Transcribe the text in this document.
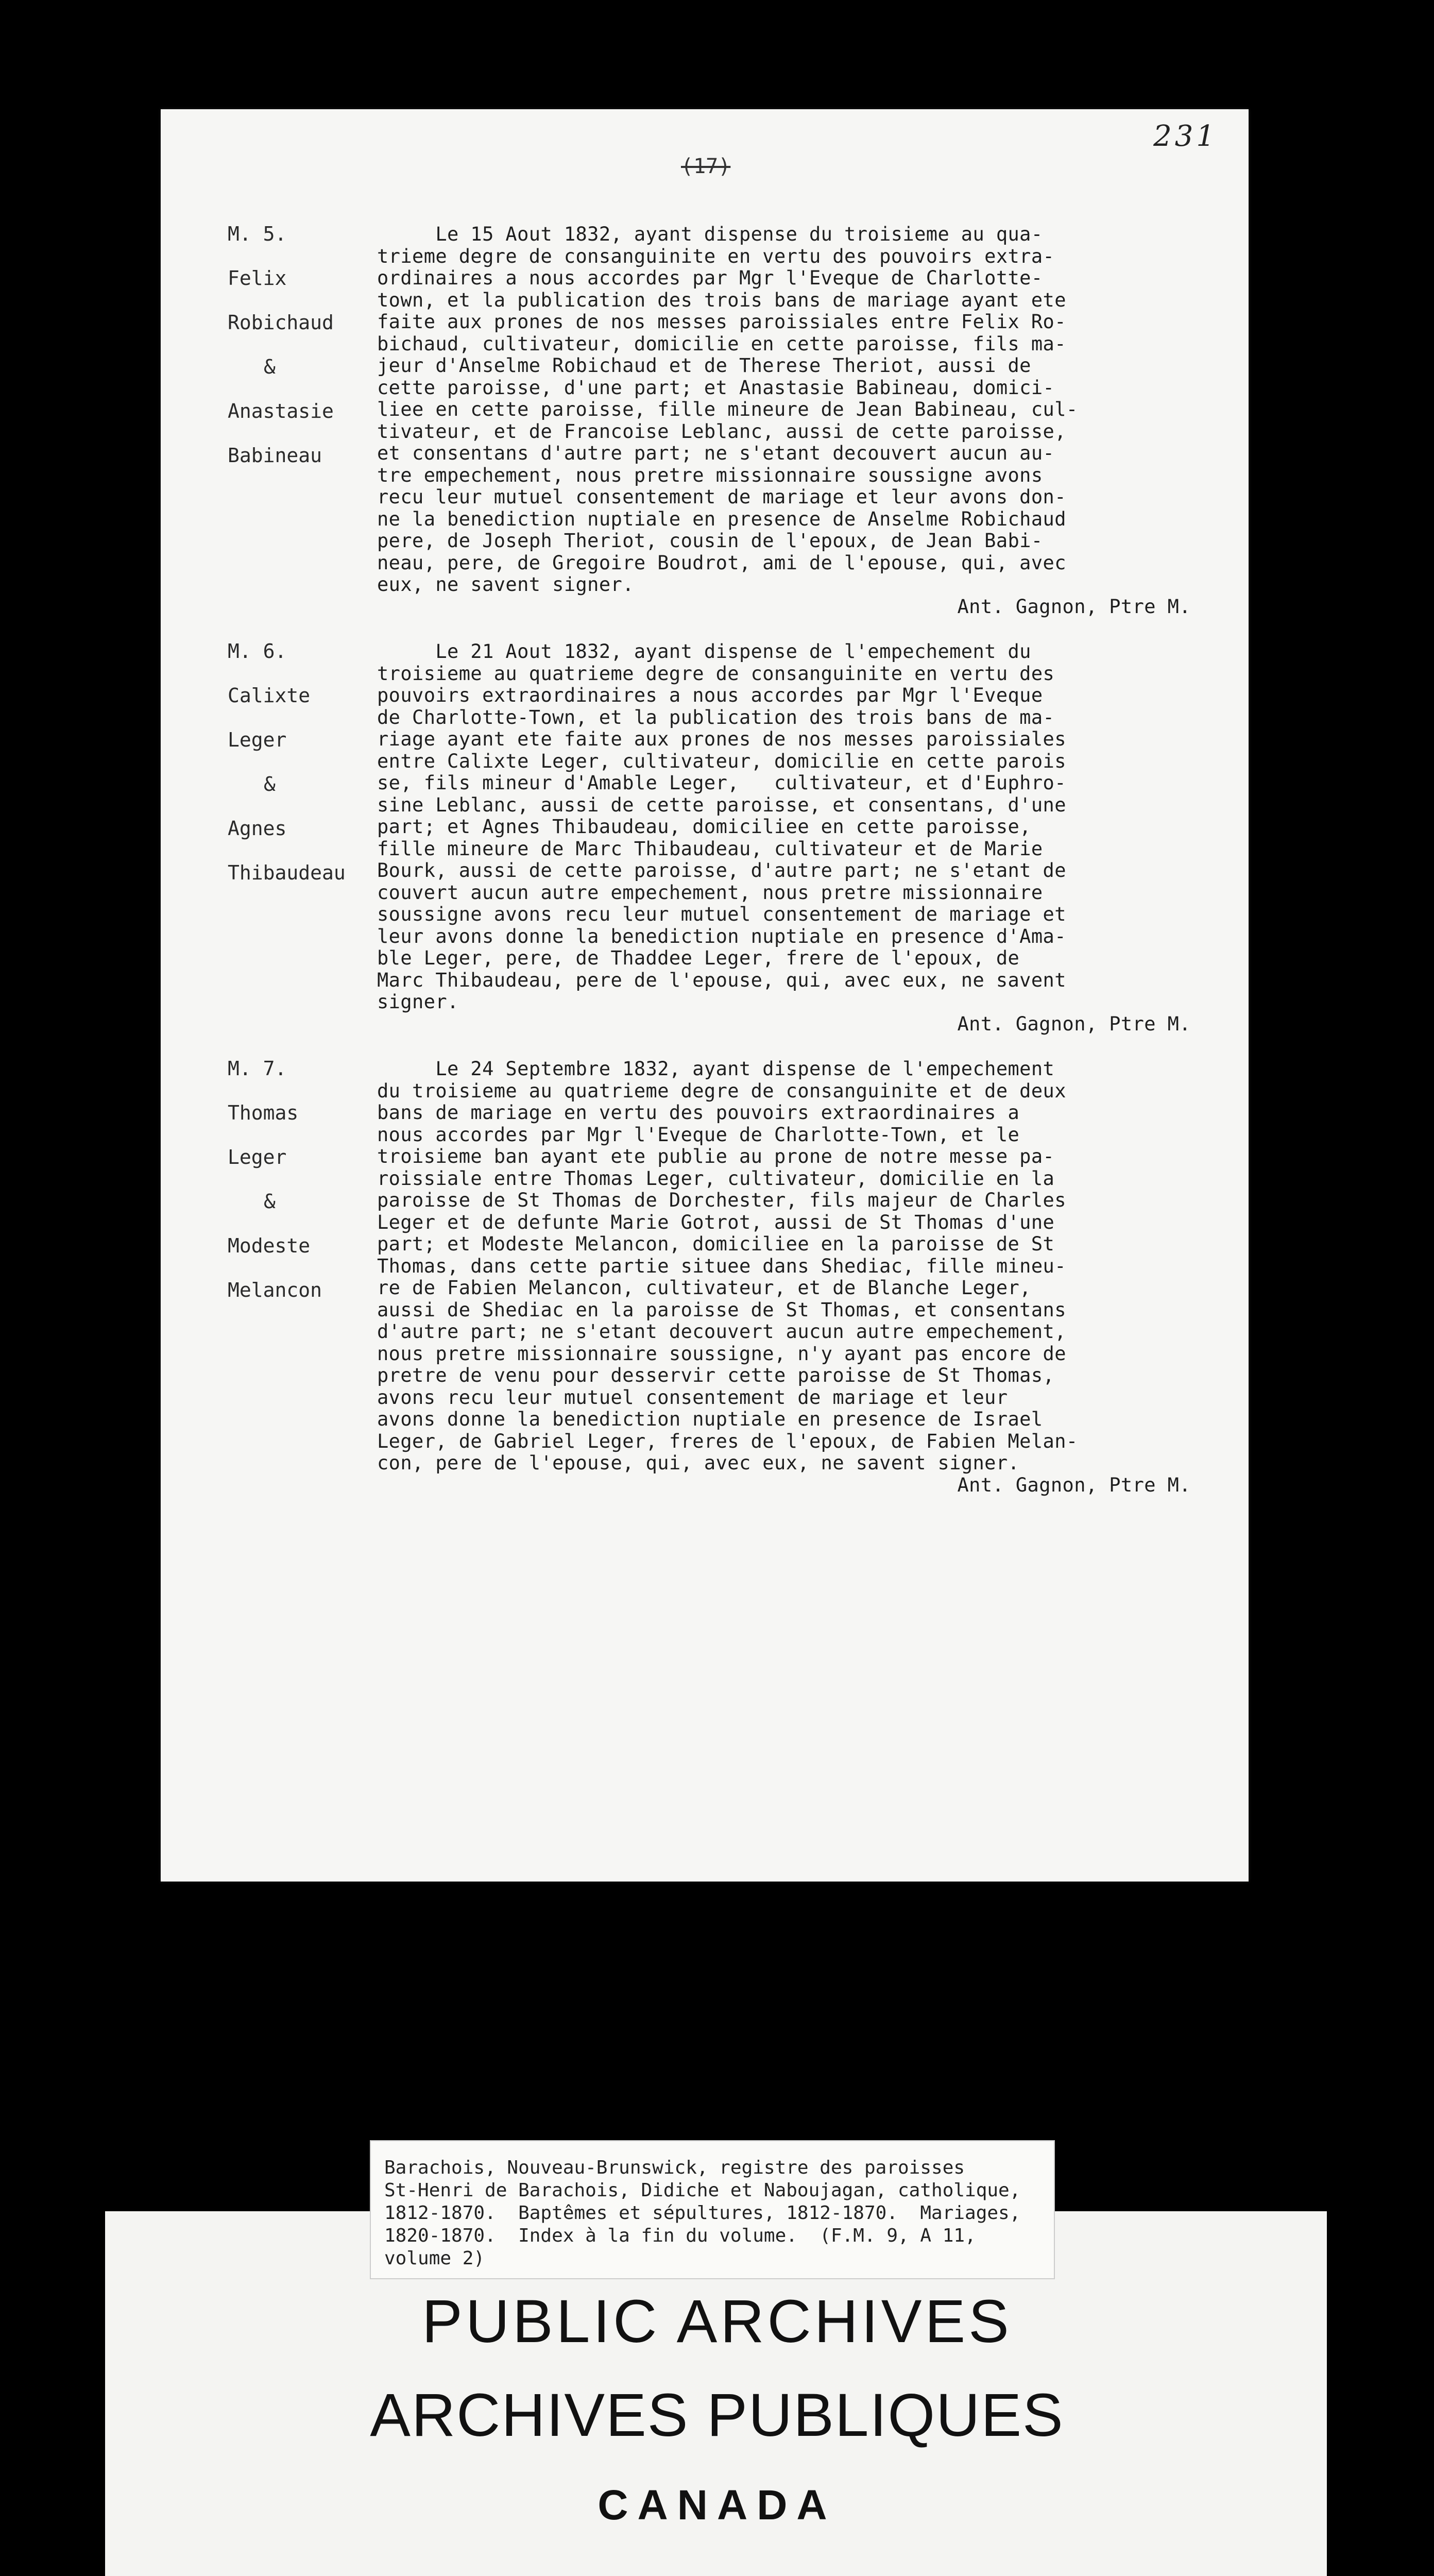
231
(17)
M. 5.
Felix
Robichaud
&
Anastasie
Babineau
Le 15 Aout 1832, ayant dispense du troisieme au qua-
trieme degre de consanguinite en vertu des pouvoirs extra-
ordinaires a nous accordes par Mgr l'Eveque de Charlotte-
town, et la publication des trois bans de mariage ayant ete
faite aux prones de nos messes paroissiales entre Felix Ro-
bichaud, cultivateur, domicilie en cette paroisse, fils ma-
jeur d'Anselme Robichaud et de Therese Theriot, aussi de
cette paroisse, d'une part; et Anastasie Babineau, domici-
liee en cette paroisse, fille mineure de Jean Babineau, cul-
tivateur, et de Francoise Leblanc, aussi de cette paroisse,
et consentans d'autre part; ne s'etant decouvert aucun au-
tre empechement, nous pretre missionnaire soussigne avons
recu leur mutuel consentement de mariage et leur avons don-
ne la benediction nuptiale en presence de Anselme Robichaud
pere, de Joseph Theriot, cousin de l'epoux, de Jean Babi-
neau, pere, de Gregoire Boudrot, ami de l'epouse, qui, avec
eux, ne savent signer.
Ant. Gagnon, Ptre M.
M. 6.
Calixte
Leger
&
Agnes
Thibaudeau
Le 21 Aout 1832, ayant dispense de l'empechement du
troisieme au quatrieme degre de consanguinite en vertu des
pouvoirs extraordinaires a nous accordes par Mgr l'Eveque
de Charlotte-Town, et la publication des trois bans de ma-
riage ayant ete faite aux prones de nos messes paroissiales
entre Calixte Leger, cultivateur, domicilie en cette parois
se, fils mineur d'Amable Leger,   cultivateur, et d'Euphro-
sine Leblanc, aussi de cette paroisse, et consentans, d'une
part; et Agnes Thibaudeau, domiciliee en cette paroisse,
fille mineure de Marc Thibaudeau, cultivateur et de Marie
Bourk, aussi de cette paroisse, d'autre part; ne s'etant de
couvert aucun autre empechement, nous pretre missionnaire
soussigne avons recu leur mutuel consentement de mariage et
leur avons donne la benediction nuptiale en presence d'Ama-
ble Leger, pere, de Thaddee Leger, frere de l'epoux, de
Marc Thibaudeau, pere de l'epouse, qui, avec eux, ne savent
signer.
Ant. Gagnon, Ptre M.
M. 7.
Thomas
Leger
&
Modeste
Melancon
Le 24 Septembre 1832, ayant dispense de l'empechement
du troisieme au quatrieme degre de consanguinite et de deux
bans de mariage en vertu des pouvoirs extraordinaires a
nous accordes par Mgr l'Eveque de Charlotte-Town, et le
troisieme ban ayant ete publie au prone de notre messe pa-
roissiale entre Thomas Leger, cultivateur, domicilie en la
paroisse de St Thomas de Dorchester, fils majeur de Charles
Leger et de defunte Marie Gotrot, aussi de St Thomas d'une
part; et Modeste Melancon, domiciliee en la paroisse de St
Thomas, dans cette partie situee dans Shediac, fille mineu-
re de Fabien Melancon, cultivateur, et de Blanche Leger,
aussi de Shediac en la paroisse de St Thomas, et consentans
d'autre part; ne s'etant decouvert aucun autre empechement,
nous pretre missionnaire soussigne, n'y ayant pas encore de
pretre de venu pour desservir cette paroisse de St Thomas,
avons recu leur mutuel consentement de mariage et leur
avons donne la benediction nuptiale en presence de Israel
Leger, de Gabriel Leger, freres de l'epoux, de Fabien Melan-
con, pere de l'epouse, qui, avec eux, ne savent signer.
Ant. Gagnon, Ptre M.
Barachois, Nouveau-Brunswick, registre des paroisses
St-Henri de Barachois, Didiche et Naboujagan, catholique,
1812-1870.  Baptêmes et sépultures, 1812-1870.  Mariages,
1820-1870.  Index à la fin du volume.  (F.M. 9, A 11,
volume 2)
PUBLIC ARCHIVES
ARCHIVES PUBLIQUES
CANADA
